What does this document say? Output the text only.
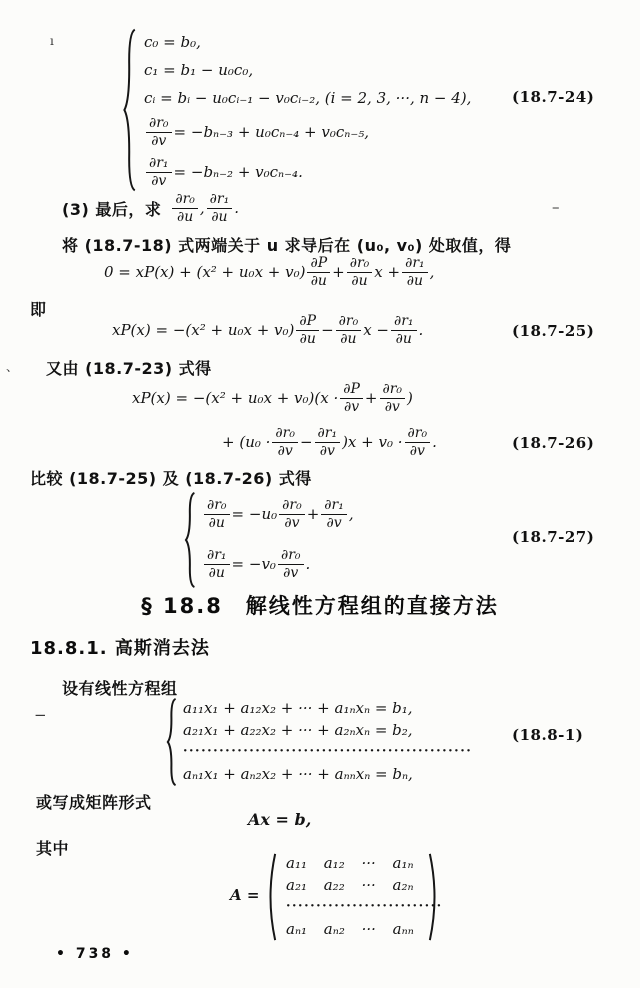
ı
–
、
−
c₀ = b₀,
c₁ = b₁ − u₀c₀,
cᵢ = bᵢ − u₀cᵢ₋₁ − v₀cᵢ₋₂, (i = 2, 3, ···, n − 4),
$\frac{\text{∂r₀}}{\partial v} = -b_{n-3} + u_0c_{n-4} + v_0c_{n-5}$,
$\frac{\text{∂r₁}}{\partial v} = -b_{n-2} + v_0c_{n-4}$.
(18.7-24)
(3) 最后，求 $\frac{\text{∂r₀}}{\partial u}$ , $\frac{\text{∂r₁}}{\partial u}$ .
将 (18.7-18) 式两端关于 u 求导后在 (u₀, v₀) 处取值，得
$0 = xP(x) + (x^2 + u_0x + v_0) \frac{\partial P}{\partial u} + \frac{\text{∂r₀}}{\partial u}$ $x + \frac{\text{∂r₁}}{\partial u}$ ,
即
$xP(x) = -(x^2 + u_0x + v_0) \frac{\partial P}{\partial u} - \frac{\text{∂r₀}}{\partial u}$ $x - \frac{\text{∂r₁}}{\partial u}$ .	(18.7-25)
又由 (18.7-23) 式得
$xP(x) = -(x^2 + u_0x + v_0)(x \cdot \frac{\partial P}{\partial v} + \frac{\text{∂r₀}}{\partial v}$ )
+ $(u_0 \cdot \frac{\text{∂r₀}}{\partial v} - \frac{\text{∂r₁}}{\partial v} )x + v_0 \cdot \frac{\text{∂r₀}}{\partial v}$ .	(18.7-26)
比较 (18.7-25) 及 (18.7-26) 式得
$\frac{\text{∂r₀}}{\partial u} = -u_0 \frac{\text{∂r₀}}{\partial v} + \frac{\text{∂r₁}}{\partial v}$ ,
$\frac{\text{∂r₁}}{\partial u} = -v_0 \frac{\text{∂r₀}}{\partial v}$ .
(18.7-27)
§ 18.8　解线性方程组的直接方法
18.8.1. 高斯消去法
设有线性方程组
a₁₁x₁ + a₁₂x₂ + ··· + a₁ₙxₙ = b₁,
a₂₁x₁ + a₂₂x₂ + ··· + a₂ₙxₙ = b₂,
················································
aₙ₁x₁ + aₙ₂x₂ + ··· + aₙₙxₙ = bₙ,
(18.8-1)
或写成矩阵形式
Ax = b,
其中
A =
a₁₁ a₁₂ ··· a₁ₙ
a₂₁ a₂₂ ··· a₂ₙ
··························
aₙ₁ aₙ₂ ··· aₙₙ
• 738 •
